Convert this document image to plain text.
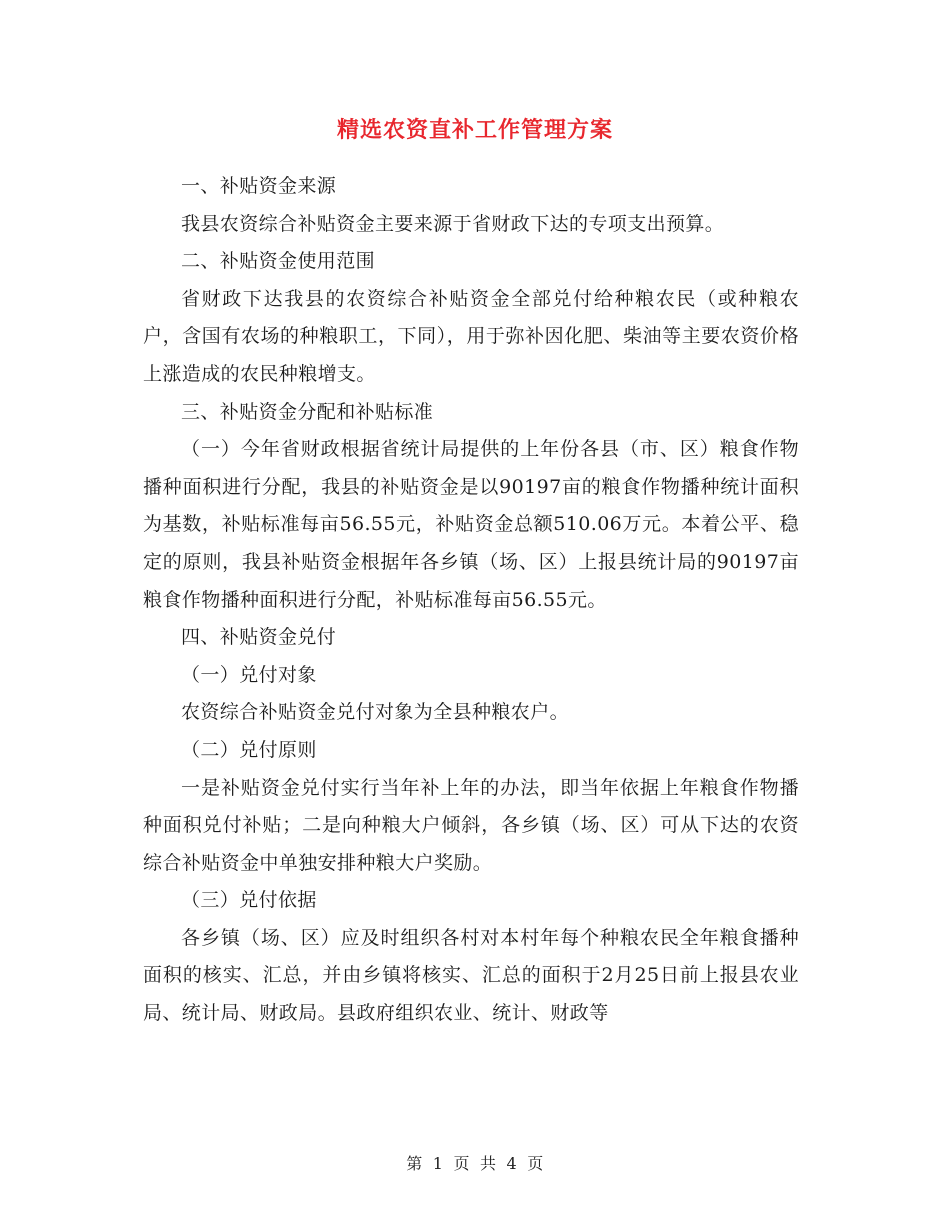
精选农资直补工作管理方案

一、补贴资金来源

我县农资综合补贴资金主要来源于省财政下达的专项支出预算。

二、补贴资金使用范围

省财政下达我县的农资综合补贴资金全部兑付给种粮农民（或种粮农户，含国有农场的种粮职工，下同），用于弥补因化肥、柴油等主要农资价格上涨造成的农民种粮增支。

三、补贴资金分配和补贴标准

（一）今年省财政根据省统计局提供的上年份各县（市、区）粮食作物播种面积进行分配，我县的补贴资金是以90197亩的粮食作物播种统计面积为基数，补贴标准每亩56.55元，补贴资金总额510.06万元。本着公平、稳定的原则，我县补贴资金根据年各乡镇（场、区）上报县统计局的90197亩粮食作物播种面积进行分配，补贴标准每亩56.55元。

四、补贴资金兑付

（一）兑付对象

农资综合补贴资金兑付对象为全县种粮农户。

（二）兑付原则

一是补贴资金兑付实行当年补上年的办法，即当年依据上年粮食作物播种面积兑付补贴；二是向种粮大户倾斜，各乡镇（场、区）可从下达的农资综合补贴资金中单独安排种粮大户奖励。

（三）兑付依据

各乡镇（场、区）应及时组织各村对本村年每个种粮农民全年粮食播种面积的核实、汇总，并由乡镇将核实、汇总的面积于2月25日前上报县农业局、统计局、财政局。县政府组织农业、统计、财政等

第 1 页 共 4 页
